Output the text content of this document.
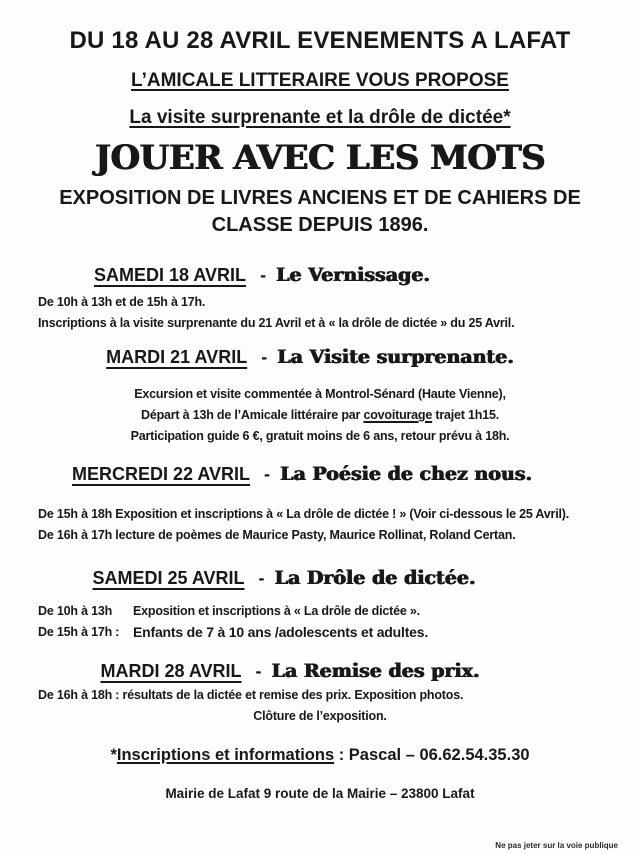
DU 18 AU 28 AVRIL EVENEMENTS A LAFAT
L’AMICALE LITTERAIRE VOUS PROPOSE
La visite surprenante et la drôle de dictée*
JOUER AVEC LES MOTS

EXPOSITION DE LIVRES ANCIENS ET DE CAHIERS DE CLASSE DEPUIS 1896.

SAMEDI 18 AVRIL - Le Vernissage.

De 10h à 13h et de 15h à 17h.

Inscriptions à la visite surprenante du 21 Avril et à « la drôle de dictée » du 25 Avril.

MARDI 21 AVRIL - La Visite surprenante.

Excursion et visite commentée à Montrol-Sénard (Haute Vienne),

Départ à 13h de l’Amicale littéraire par covoiturage trajet 1h15.

Participation guide 6 €, gratuit moins de 6 ans, retour prévu à 18h.

MERCREDI 22 AVRIL - La Poésie de chez nous.

De 15h à 18h Exposition et inscriptions à « La drôle de dictée ! » (Voir ci-dessous le 25 Avril).

De 16h à 17h lecture de poèmes de Maurice Pasty, Maurice Rollinat, Roland Certan.

SAMEDI 25 AVRIL - La Drôle de dictée.
De 10h à 13h	Exposition et inscriptions à « La drôle de dictée ».
De 15h à 17h : Enfants de 7 à 10 ans /adolescents et adultes.
MARDI 28 AVRIL - La Remise des prix.

De 16h à 18h : résultats de la dictée et remise des prix. Exposition photos.

Clôture de l’exposition.

*Inscriptions et informations : Pascal – 06.62.54.35.30

Mairie de Lafat 9 route de la Mairie – 23800 Lafat

Ne pas jeter sur la voie publique
